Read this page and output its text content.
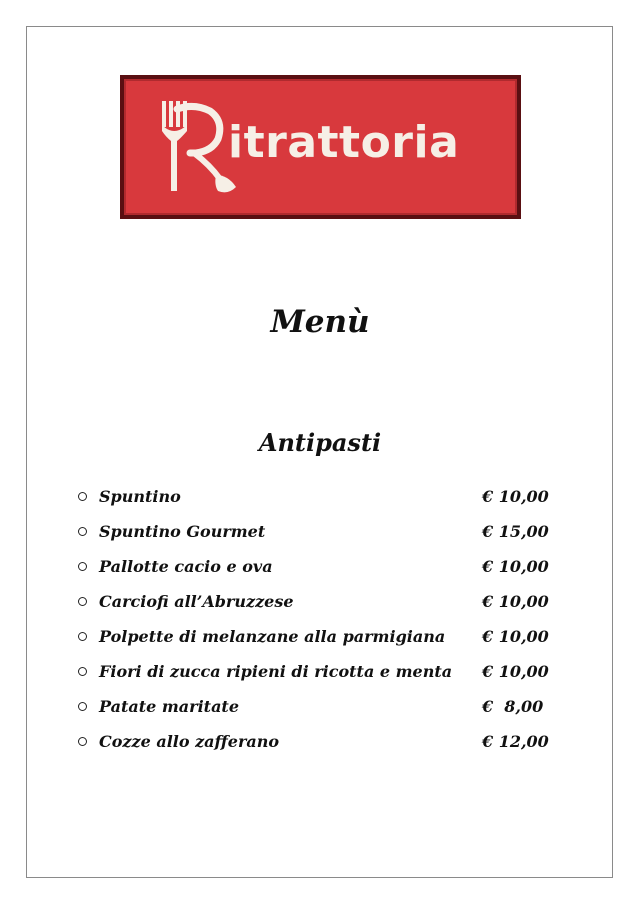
itrattoria
Menù
Antipasti
Spuntino	€ 10,00
Spuntino Gourmet	€ 15,00
Pallotte cacio e ova	€ 10,00
Carciofi all’Abruzzese	€ 10,00
Polpette di melanzane alla parmigiana € 10,00
Fiori di zucca ripieni di ricotta e menta € 10,00
Patate maritate	€  8,00
Cozze allo zafferano	€ 12,00
